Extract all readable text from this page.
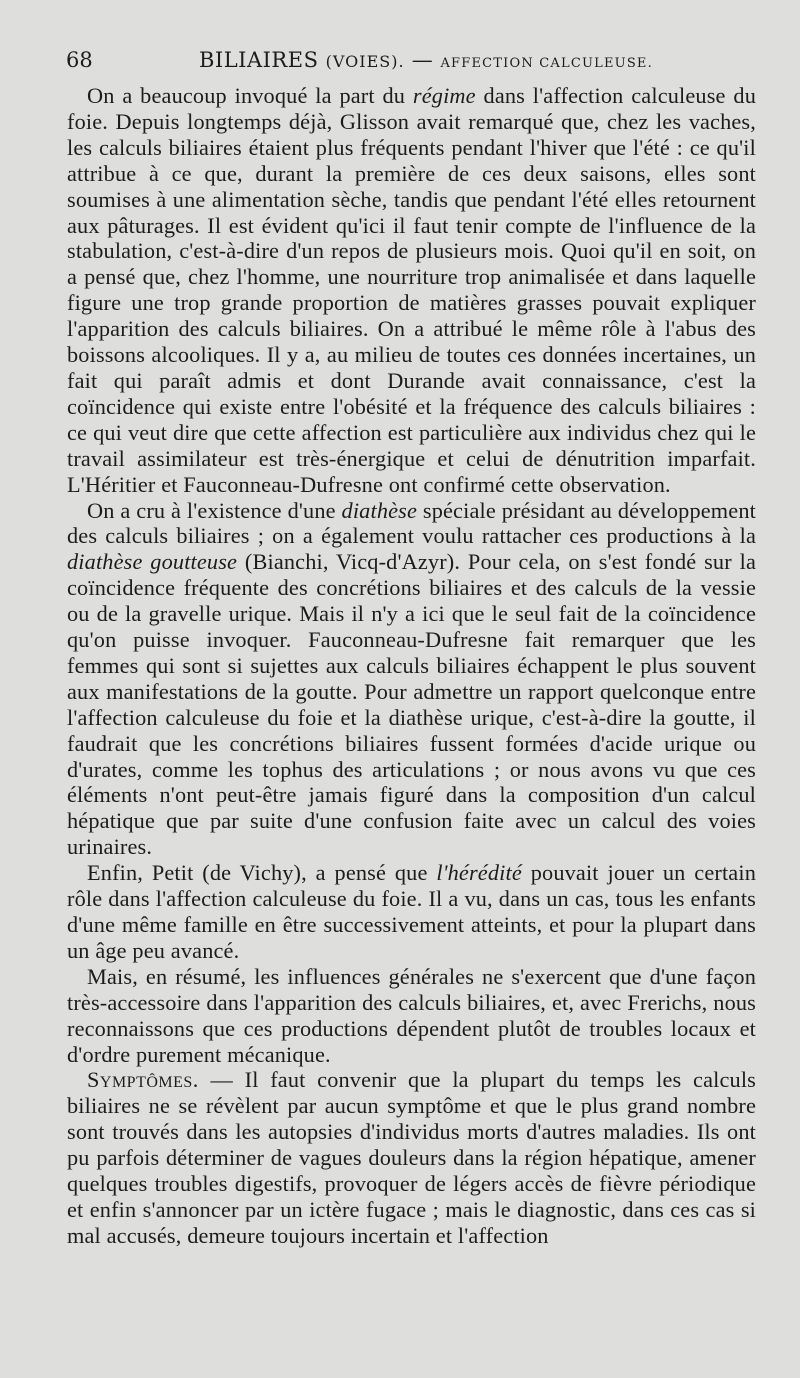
68	BILIAIRES (VOIES). — AFFECTION CALCULEUSE.

On a beaucoup invoqué la part du régime dans l'affection calculeuse du foie. Depuis longtemps déjà, Glisson avait remarqué que, chez les vaches, les calculs biliaires étaient plus fréquents pendant l'hiver que l'été : ce qu'il attribue à ce que, durant la première de ces deux saisons, elles sont soumises à une alimentation sèche, tandis que pendant l'été elles retournent aux pâturages. Il est évident qu'ici il faut tenir compte de l'influence de la stabulation, c'est-à-dire d'un repos de plusieurs mois. Quoi qu'il en soit, on a pensé que, chez l'homme, une nourriture trop animalisée et dans laquelle figure une trop grande proportion de matières grasses pouvait expliquer l'apparition des calculs biliaires. On a attribué le même rôle à l'abus des boissons alcooliques. Il y a, au milieu de toutes ces données incertaines, un fait qui paraît admis et dont Durande avait connaissance, c'est la coïncidence qui existe entre l'obésité et la fréquence des calculs biliaires : ce qui veut dire que cette affection est particulière aux individus chez qui le travail assimilateur est très-énergique et celui de dénutrition imparfait. L'Héritier et Fauconneau-Dufresne ont confirmé cette observation.

On a cru à l'existence d'une diathèse spéciale présidant au développement des calculs biliaires ; on a également voulu rattacher ces productions à la diathèse goutteuse (Bianchi, Vicq-d'Azyr). Pour cela, on s'est fondé sur la coïncidence fréquente des concrétions biliaires et des calculs de la vessie ou de la gravelle urique. Mais il n'y a ici que le seul fait de la coïncidence qu'on puisse invoquer. Fauconneau-Dufresne fait remarquer que les femmes qui sont si sujettes aux calculs biliaires échappent le plus souvent aux manifestations de la goutte. Pour admettre un rapport quelconque entre l'affection calculeuse du foie et la diathèse urique, c'est-à-dire la goutte, il faudrait que les concrétions biliaires fussent formées d'acide urique ou d'urates, comme les tophus des articulations ; or nous avons vu que ces éléments n'ont peut-être jamais figuré dans la composition d'un calcul hépatique que par suite d'une confusion faite avec un calcul des voies urinaires.

Enfin, Petit (de Vichy), a pensé que l'hérédité pouvait jouer un certain rôle dans l'affection calculeuse du foie. Il a vu, dans un cas, tous les enfants d'une même famille en être successivement atteints, et pour la plupart dans un âge peu avancé.

Mais, en résumé, les influences générales ne s'exercent que d'une façon très-accessoire dans l'apparition des calculs biliaires, et, avec Frerichs, nous reconnaissons que ces productions dépendent plutôt de troubles locaux et d'ordre purement mécanique.

Symptômes. — Il faut convenir que la plupart du temps les calculs biliaires ne se révèlent par aucun symptôme et que le plus grand nombre sont trouvés dans les autopsies d'individus morts d'autres maladies. Ils ont pu parfois déterminer de vagues douleurs dans la région hépatique, amener quelques troubles digestifs, provoquer de légers accès de fièvre périodique et enfin s'annoncer par un ictère fugace ; mais le diagnostic, dans ces cas si mal accusés, demeure toujours incertain et l'affection
